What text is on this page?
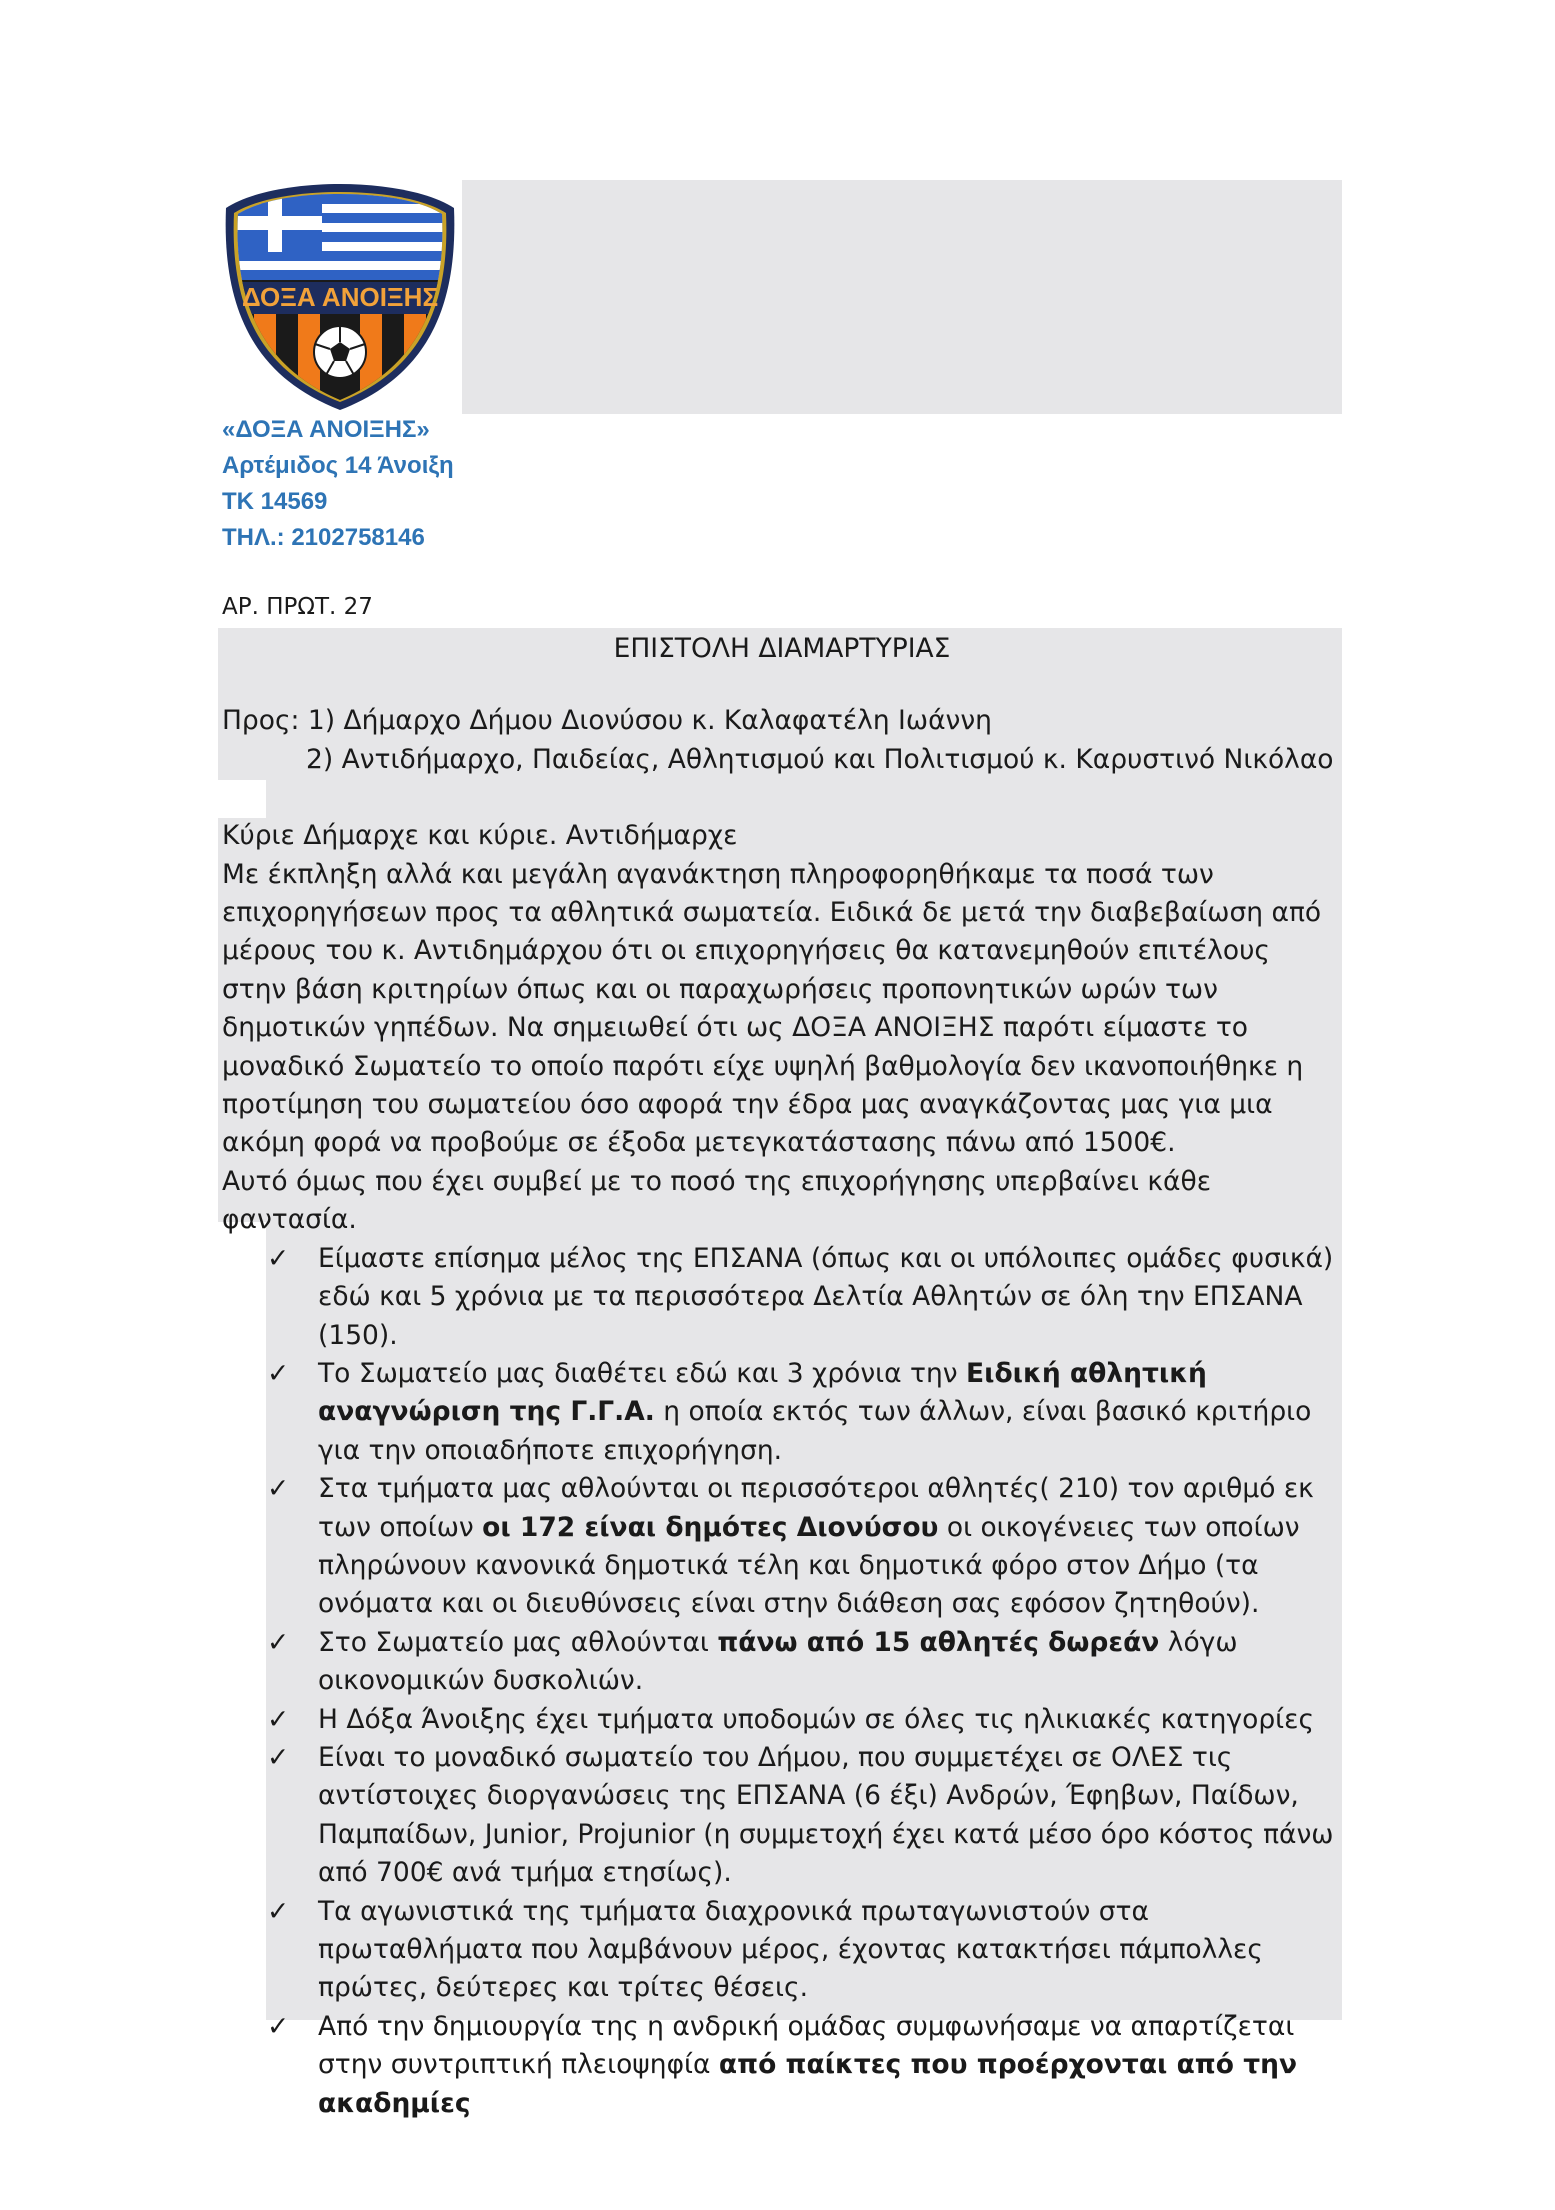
ΔΟΞΑ ΑΝΟΙΞΗΣ
«ΔΟΞΑ ΑΝΟΙΞΗΣ»
Αρτέμιδος 14 Άνοιξη
ΤΚ 14569
ΤΗΛ.: 2102758146
ΑΡ. ΠΡΩΤ. 27

ΕΠΙΣΤΟΛΗ ΔΙΑΜΑΡΤΥΡΙΑΣ

Προς: 1) Δήμαρχο Δήμου Διονύσου κ. Καλαφατέλη Ιωάννη

2) Αντιδήμαρχο, Παιδείας, Αθλητισμού και Πολιτισμού κ. Καρυστινό Νικόλαο

Κύριε Δήμαρχε και κύριε. Αντιδήμαρχε

Με έκπληξη αλλά και μεγάλη αγανάκτηση πληροφορηθήκαμε τα ποσά των επιχορηγήσεων προς τα αθλητικά σωματεία. Ειδικά δε μετά την διαβεβαίωση από μέρους του κ. Αντιδημάρχου ότι οι επιχορηγήσεις θα κατανεμηθούν επιτέλους στην βάση κριτηρίων όπως και οι παραχωρήσεις προπονητικών ωρών των δημοτικών γηπέδων. Να σημειωθεί ότι ως ΔΟΞΑ ΑΝΟΙΞΗΣ παρότι είμαστε το μοναδικό Σωματείο το οποίο παρότι είχε υψηλή βαθμολογία δεν ικανοποιήθηκε η προτίμηση του σωματείου όσο αφορά την έδρα μας αναγκάζοντας μας για μια ακόμη φορά να προβούμε σε έξοδα μετεγκατάστασης πάνω από 1500€.

Αυτό όμως που έχει συμβεί με το ποσό της επιχορήγησης υπερβαίνει κάθε φαντασία.

✓ Είμαστε επίσημα μέλος της ΕΠΣΑΝΑ (όπως και οι υπόλοιπες ομάδες φυσικά) εδώ και 5 χρόνια με τα περισσότερα Δελτία Αθλητών σε όλη την ΕΠΣΑΝΑ (150).
✓ Το Σωματείο μας διαθέτει εδώ και 3 χρόνια την Ειδική αθλητική αναγνώριση της Γ.Γ.Α. η οποία εκτός των άλλων, είναι βασικό κριτήριο για την οποιαδήποτε επιχορήγηση.
✓ Στα τμήματα μας αθλούνται οι περισσότεροι αθλητές( 210) τον αριθμό εκ των οποίων οι 172 είναι δημότες Διονύσου οι οικογένειες των οποίων πληρώνουν κανονικά δημοτικά τέλη και δημοτικά φόρο στον Δήμο (τα ονόματα και οι διευθύνσεις είναι στην διάθεση σας εφόσον ζητηθούν).
✓ Στο Σωματείο μας αθλούνται πάνω από 15 αθλητές δωρεάν λόγω οικονομικών δυσκολιών.
✓ Η Δόξα Άνοιξης έχει τμήματα υποδομών σε όλες τις ηλικιακές κατηγορίες
✓ Είναι το μοναδικό σωματείο του Δήμου, που συμμετέχει σε ΟΛΕΣ τις αντίστοιχες διοργανώσεις της ΕΠΣΑΝΑ (6 έξι) Ανδρών, Έφηβων, Παίδων, Παμπαίδων, Junior, Projunior (η συμμετοχή έχει κατά μέσο όρο κόστος πάνω από 700€ ανά τμήμα ετησίως).
✓ Τα αγωνιστικά της τμήματα διαχρονικά πρωταγωνιστούν στα πρωταθλήματα που λαμβάνουν μέρος, έχοντας κατακτήσει πάμπολλες πρώτες, δεύτερες και τρίτες θέσεις.
✓ Από την δημιουργία της η ανδρική ομάδας συμφωνήσαμε να απαρτίζεται στην συντριπτική πλειοψηφία από παίκτες που προέρχονται από την ακαδημίες
